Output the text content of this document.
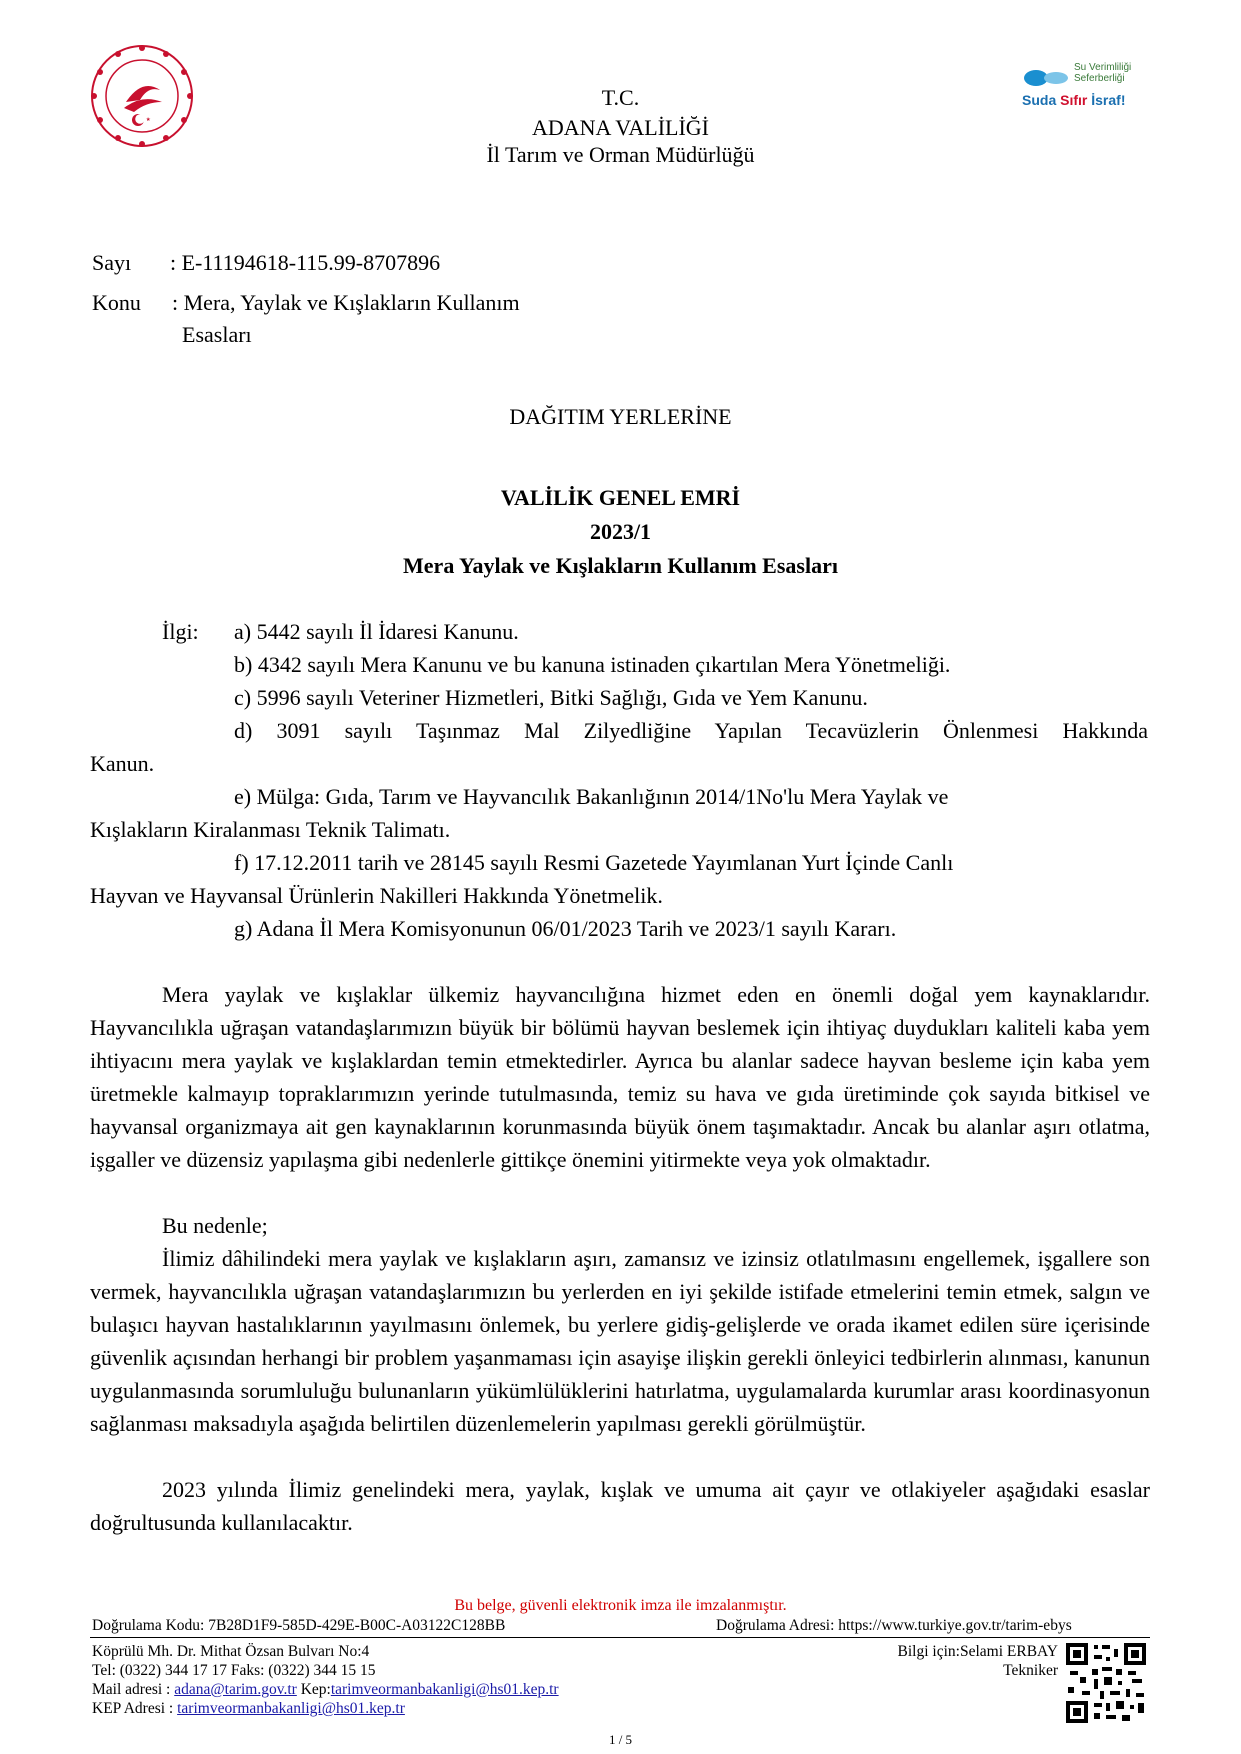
Su Verimliliği
Seferberliği
Suda Sıfır İsraf!
T.C.
ADANA VALİLİĞİ
İl Tarım ve Orman Müdürlüğü
Sayı : E-11194618-115.99-8707896
Konu : Mera, Yaylak ve Kışlakların Kullanım
Esasları
DAĞITIM YERLERİNE
VALİLİK GENEL EMRİ
2023/1
Mera Yaylak ve Kışlakların Kullanım Esasları
İlgi: a) 5442 sayılı İl İdaresi Kanunu.
b) 4342 sayılı Mera Kanunu ve bu kanuna istinaden çıkartılan Mera Yönetmeliği.
c) 5996 sayılı Veteriner Hizmetleri, Bitki Sağlığı, Gıda ve Yem Kanunu.
d) 3091 sayılı Taşınmaz Mal Zilyedliğine Yapılan Tecavüzlerin Önlenmesi Hakkında
Kanun.
e) Mülga: Gıda, Tarım ve Hayvancılık Bakanlığının 2014/1No'lu Mera Yaylak ve
Kışlakların Kiralanması Teknik Talimatı.
f) 17.12.2011 tarih ve 28145 sayılı Resmi Gazetede Yayımlanan Yurt İçinde Canlı
Hayvan ve Hayvansal Ürünlerin Nakilleri Hakkında Yönetmelik.
g) Adana İl Mera Komisyonunun 06/01/2023 Tarih ve 2023/1 sayılı Kararı.
Mera yaylak ve kışlaklar ülkemiz hayvancılığına hizmet eden en önemli doğal yem kaynaklarıdır. Hayvancılıkla uğraşan vatandaşlarımızın büyük bir bölümü hayvan beslemek için ihtiyaç duydukları kaliteli kaba yem ihtiyacını mera yaylak ve kışlaklardan temin etmektedirler. Ayrıca bu alanlar sadece hayvan besleme için kaba yem üretmekle kalmayıp topraklarımızın yerinde tutulmasında, temiz su hava ve gıda üretiminde çok sayıda bitkisel ve hayvansal organizmaya ait gen kaynaklarının korunmasında büyük önem taşımaktadır. Ancak bu alanlar aşırı otlatma, işgaller ve düzensiz yapılaşma gibi nedenlerle gittikçe önemini yitirmekte veya yok olmaktadır.
Bu nedenle;
İlimiz dâhilindeki mera yaylak ve kışlakların aşırı, zamansız ve izinsiz otlatılmasını engellemek, işgallere son vermek, hayvancılıkla uğraşan vatandaşlarımızın bu yerlerden en iyi şekilde istifade etmelerini temin etmek, salgın ve bulaşıcı hayvan hastalıklarının yayılmasını önlemek, bu yerlere gidiş-gelişlerde ve orada ikamet edilen süre içerisinde güvenlik açısından herhangi bir problem yaşanmaması için asayişe ilişkin gerekli önleyici tedbirlerin alınması, kanunun uygulanmasında sorumluluğu bulunanların yükümlülüklerini hatırlatma, uygulamalarda kurumlar arası koordinasyonun sağlanması maksadıyla aşağıda belirtilen düzenlemelerin yapılması gerekli görülmüştür.
2023 yılında İlimiz genelindeki mera, yaylak, kışlak ve umuma ait çayır ve otlakiyeler aşağıdaki esaslar doğrultusunda kullanılacaktır.
Bu belge, güvenli elektronik imza ile imzalanmıştır.
Doğrulama Kodu: 7B28D1F9-585D-429E-B00C-A03122C128BB	Doğrulama Adresi: https://www.turkiye.gov.tr/tarim-ebys
Köprülü Mh. Dr. Mithat Özsan Bulvarı No:4
Tel: (0322) 344 17 17 Faks: (0322) 344 15 15
Mail adresi : adana@tarim.gov.tr Kep:tarimveormanbakanligi@hs01.kep.tr
KEP Adresi : tarimveormanbakanligi@hs01.kep.tr
Bilgi için:Selami ERBAY
Tekniker
1 / 5
